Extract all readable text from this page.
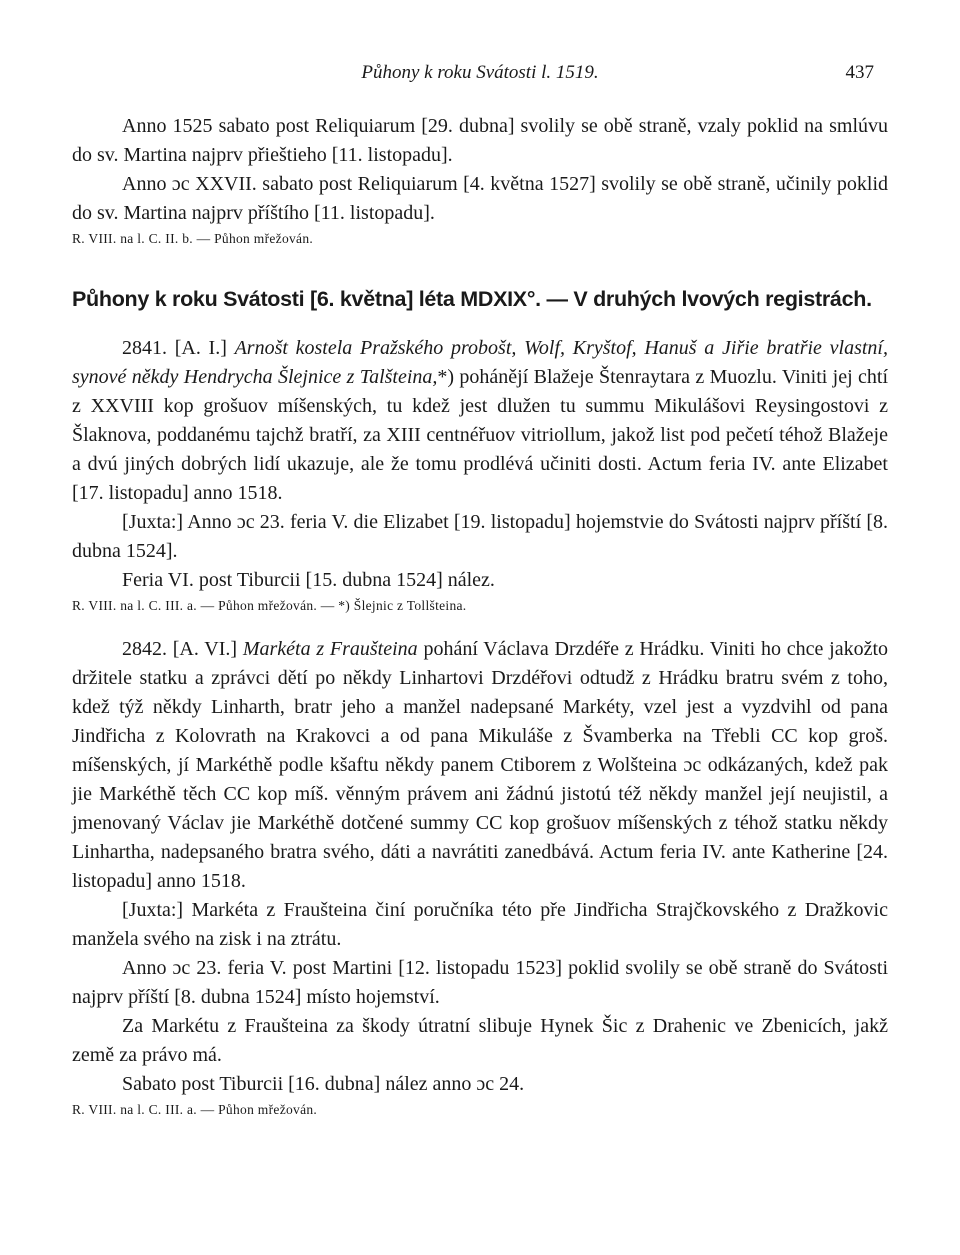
Půhony k roku Svátosti l. 1519.	437

Anno 1525 sabato post Reliquiarum [29. dubna] svolily se obě straně, vzaly poklid na smlúvu do sv. Martina najprv přieštieho [11. listopadu].

Anno ɔc XXVII. sabato post Reliquiarum [4. května 1527] svolily se obě straně, učinily poklid do sv. Martina najprv příštího [11. listopadu].

R. VIII. na l. C. II. b. — Půhon mřežován.

Půhony k roku Svátosti [6. května] léta MDXIX°. — V druhých lvových registrách.

2841. [A. I.] Arnošt kostela Pražského probošt, Wolf, Kryštof, Hanuš a Jiřie bratřie vlastní, synové někdy Hendrycha Šlejnice z Talšteina,*) pohánějí Blažeje Štenraytara z Muozlu. Viniti jej chtí z XXVIII kop grošuov míšenských, tu kdež jest dlužen tu summu Mikulášovi Reysingostovi z Šlaknova, poddanému tajchž bratří, za XIII centnéřuov vitriollum, jakož list pod pečetí téhož Blažeje a dvú jiných dobrých lidí ukazuje, ale že tomu prodlévá učiniti dosti. Actum feria IV. ante Elizabet [17. listopadu] anno 1518.

[Juxta:] Anno ɔc 23. feria V. die Elizabet [19. listopadu] hojemstvie do Svátosti najprv příští [8. dubna 1524].

Feria VI. post Tiburcii [15. dubna 1524] nález.

R. VIII. na l. C. III. a. — Půhon mřežován. — *) Šlejnic z Tollšteina.

2842. [A. VI.] Markéta z Fraušteina pohání Václava Drzdéře z Hrádku. Viniti ho chce jakožto držitele statku a zprávci dětí po někdy Linhartovi Drzdéřovi odtudž z Hrádku bratru svém z toho, kdež týž někdy Linharth, bratr jeho a manžel nadepsané Markéty, vzel jest a vyzdvihl od pana Jindřicha z Kolovrath na Krakovci a od pana Mikuláše z Švamberka na Třebli CC kop groš. míšenských, jí Markéthě podle kšaftu někdy panem Ctiborem z Wolšteina ɔc odkázaných, kdež pak jie Markéthě těch CC kop míš. věnným právem ani žádnú jistotú též někdy manžel její neujistil, a jmenovaný Václav jie Markéthě dotčené summy CC kop grošuov míšenských z téhož statku někdy Linhartha, nadepsaného bratra svého, dáti a navrátiti zanedbává. Actum feria IV. ante Katherine [24. listopadu] anno 1518.

[Juxta:] Markéta z Fraušteina činí poručníka této pře Jindřicha Strajčkovského z Dražkovic manžela svého na zisk i na ztrátu.

Anno ɔc 23. feria V. post Martini [12. listopadu 1523] poklid svolily se obě straně do Svátosti najprv příští [8. dubna 1524] místo hojemství.

Za Markétu z Fraušteina za škody útratní slibuje Hynek Šic z Drahenic ve Zbenicích, jakž země za právo má.

Sabato post Tiburcii [16. dubna] nález anno ɔc 24.

R. VIII. na l. C. III. a. — Půhon mřežován.
